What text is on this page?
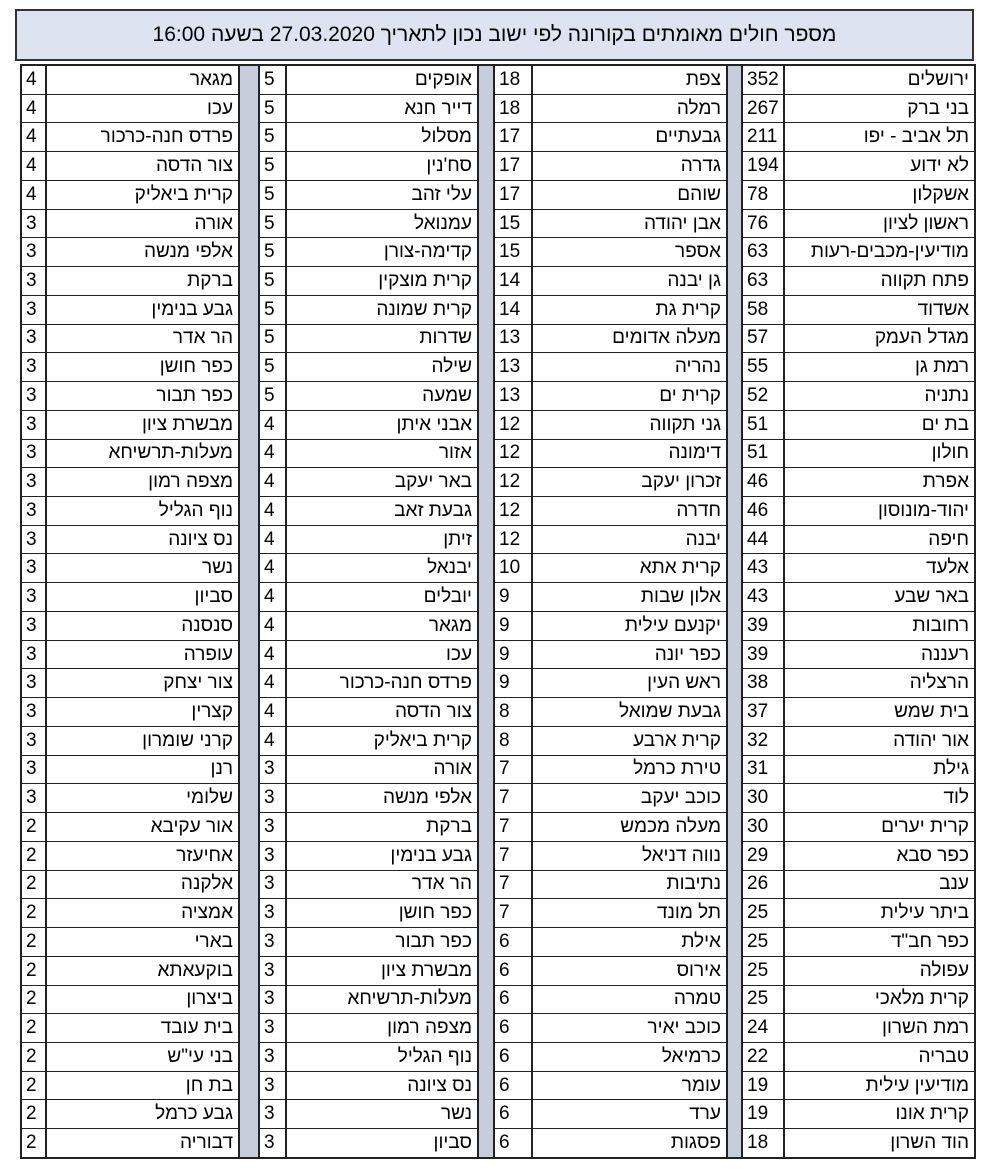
מספר חולים מאומתים בקורונה לפי ישוב נכון לתאריך 27.03.2020 בשעה 16:00
ירושלים
בני ברק
תל אביב - יפו
לא ידוע
אשקלון
ראשון לציון
מודיעין-מכבים-רעות
פתח תקווה
אשדוד
מגדל העמק
רמת גן
נתניה
בת ים
חולון
אפרת
יהוד-מונוסון
חיפה
אלעד
באר שבע
רחובות
רעננה
הרצליה
בית שמש
אור יהודה
גילת
לוד
קרית יערים
כפר סבא
ענב
ביתר עילית
כפר חב"ד
עפולה
קרית מלאכי
רמת השרון
טבריה
מודיעין עילית
קרית אונו
הוד השרון
352
267
211
194
78
76
63
63
58
57
55
52
51
51
46
46
44
43
43
39
39
38
37
32
31
30
30
29
26
25
25
25
25
24
22
19
19
18
צפת
רמלה
גבעתיים
גדרה
שוהם
אבן יהודה
אספר
גן יבנה
קרית גת
מעלה אדומים
נהריה
קרית ים
גני תקווה
דימונה
זכרון יעקב
חדרה
יבנה
קרית אתא
אלון שבות
יקנעם עילית
כפר יונה
ראש העין
גבעת שמואל
קרית ארבע
טירת כרמל
כוכב יעקב
מעלה מכמש
נווה דניאל
נתיבות
תל מונד
אילת
אירוס
טמרה
כוכב יאיר
כרמיאל
עומר
ערד
פסגות
18
18
17
17
17
15
15
14
14
13
13
13
12
12
12
12
12
10
9
9
9
9
8
8
7
7
7
7
7
7
6
6
6
6
6
6
6
6
אופקים
דייר חנא
מסלול
סח'נין
עלי זהב
עמנואל
קדימה-צורן
קרית מוצקין
קרית שמונה
שדרות
שילה
שמעה
אבני איתן
אזור
באר יעקב
גבעת זאב
זיתן
יבנאל
יובלים
מגאר
עכו
פרדס חנה-כרכור
צור הדסה
קרית ביאליק
אורה
אלפי מנשה
ברקת
גבע בנימין
הר אדר
כפר חושן
כפר תבור
מבשרת ציון
מעלות-תרשיחא
מצפה רמון
נוף הגליל
נס ציונה
נשר
סביון
5
5
5
5
5
5
5
5
5
5
5
5
4
4
4
4
4
4
4
4
4
4
4
4
3
3
3
3
3
3
3
3
3
3
3
3
3
3
מגאר
עכו
פרדס חנה-כרכור
צור הדסה
קרית ביאליק
אורה
אלפי מנשה
ברקת
גבע בנימין
הר אדר
כפר חושן
כפר תבור
מבשרת ציון
מעלות-תרשיחא
מצפה רמון
נוף הגליל
נס ציונה
נשר
סביון
סנסנה
עופרה
צור יצחק
קצרין
קרני שומרון
רנן
שלומי
אור עקיבא
אחיעזר
אלקנה
אמציה
בארי
בוקעאתא
ביצרון
בית עובד
בני עי"ש
בת חן
גבע כרמל
דבוריה
4
4
4
4
4
3
3
3
3
3
3
3
3
3
3
3
3
3
3
3
3
3
3
3
3
3
2
2
2
2
2
2
2
2
2
2
2
2
